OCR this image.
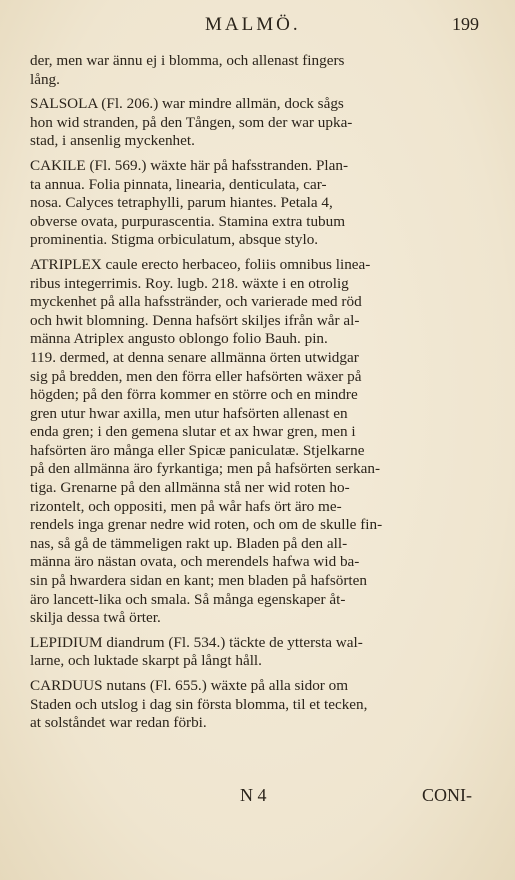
MALMÖ.	199
der, men war ännu ej i blomma, och allenast fingers
lång.
SALSOLA (Fl. 206.) war mindre allmän, dock sågs
hon wid stranden, på den Tången, som der war upka-
stad, i ansenlig myckenhet.
CAKILE (Fl. 569.) wäxte här på hafsstranden. Plan-
ta annua. Folia pinnata, linearia, denticulata, car-
nosa. Calyces tetraphylli, parum hiantes. Petala 4,
obverse ovata, purpurascentia. Stamina extra tubum
prominentia. Stigma orbiculatum, absque stylo.
ATRIPLEX caule erecto herbaceo, foliis omnibus linea-
ribus integerrimis. Roy. lugb. 218. wäxte i en otrolig
myckenhet på alla hafsstränder, och varierade med röd
och hwit blomning. Denna hafsört skiljes ifrån wår al-
männa Atriplex angusto oblongo folio Bauh. pin.
119. dermed, at denna senare allmänna örten utwidgar
sig på bredden, men den förra eller hafsörten wäxer på
högden; på den förra kommer en större och en mindre
gren utur hwar axilla, men utur hafsörten allenast en
enda gren; i den gemena slutar et ax hwar gren, men i
hafsörten äro många eller Spicæ paniculatæ. Stjelkarne
på den allmänna äro fyrkantiga; men på hafsörten serkan-
tiga. Grenarne på den allmänna stå ner wid roten ho-
rizontelt, och oppositi, men på wår hafs ört äro me-
rendels inga grenar nedre wid roten, och om de skulle fin-
nas, så gå de tämmeligen rakt up. Bladen på den all-
männa äro nästan ovata, och merendels hafwa wid ba-
sin på hwardera sidan en kant; men bladen på hafsörten
äro lancett-lika och smala. Så många egenskaper åt-
skilja dessa twå örter.
LEPIDIUM diandrum (Fl. 534.) täckte de yttersta wal-
larne, och luktade skarpt på långt håll.
CARDUUS nutans (Fl. 655.) wäxte på alla sidor om
Staden och utslog i dag sin första blomma, til et tecken,
at solståndet war redan förbi.
N 4	CONI-
